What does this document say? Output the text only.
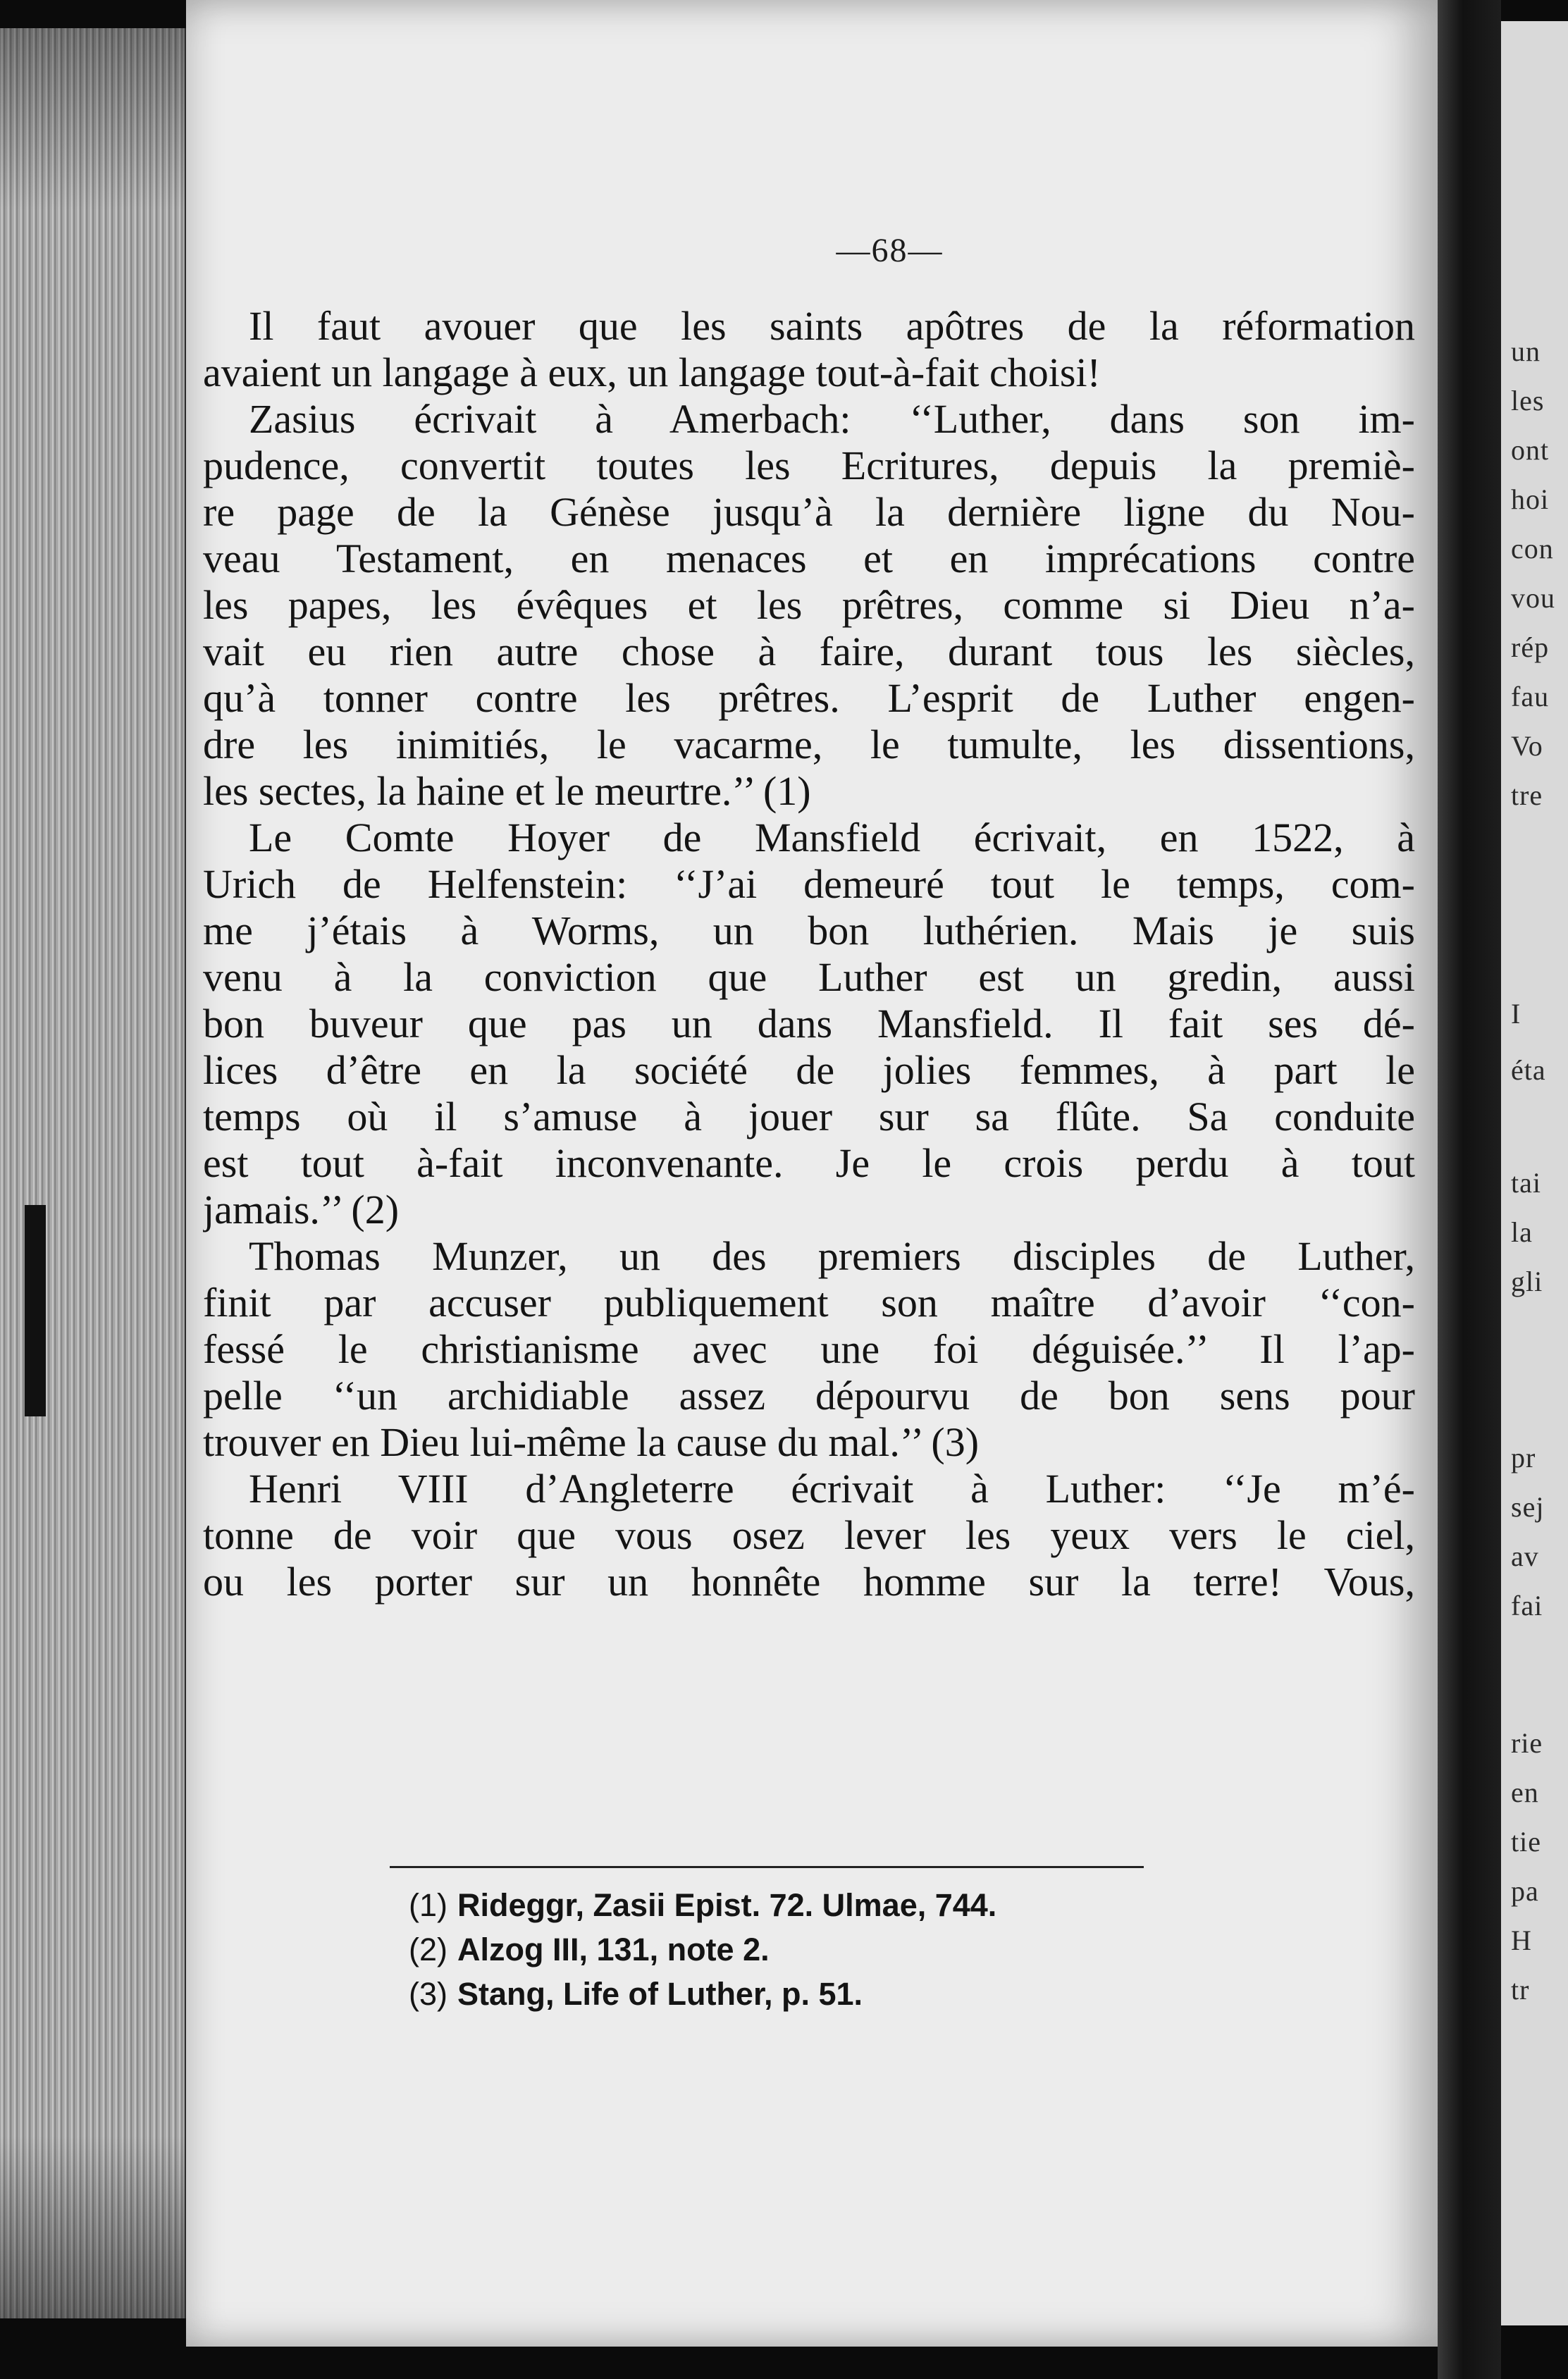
—68—
Il faut avouer que les saints apôtres de la réformation
avaient un langage à eux, un langage tout-à-fait choisi!
Zasius écrivait à Amerbach: ‘‘Luther, dans son im-
pudence, convertit toutes les Ecritures, depuis la premiè-
re page de la Génèse jusqu’à la dernière ligne du Nou-
veau Testament, en menaces et en imprécations contre
les papes, les évêques et les prêtres, comme si Dieu n’a-
vait eu rien autre chose à faire, durant tous les siècles,
qu’à tonner contre les prêtres. L’esprit de Luther engen-
dre les inimitiés, le vacarme, le tumulte, les dissentions,
les sectes, la haine et le meurtre.’’ (1)
Le Comte Hoyer de Mansfield écrivait, en 1522, à
Urich de Helfenstein: ‘‘J’ai demeuré tout le temps, com-
me j’étais à Worms, un bon luthérien. Mais je suis
venu à la conviction que Luther est un gredin, aussi
bon buveur que pas un dans Mansfield. Il fait ses dé-
lices d’être en la société de jolies femmes, à part le
temps où il s’amuse à jouer sur sa flûte. Sa conduite
est tout à-fait inconvenante. Je le crois perdu à tout
jamais.’’ (2)
Thomas Munzer, un des premiers disciples de Luther,
finit par accuser publiquement son maître d’avoir ‘‘con-
fessé le christianisme avec une foi déguisée.’’ Il l’ap-
pelle ‘‘un archidiable assez dépourvu de bon sens pour
trouver en Dieu lui-même la cause du mal.’’ (3)
Henri VIII d’Angleterre écrivait à Luther: ‘‘Je m’é-
tonne de voir que vous osez lever les yeux vers le ciel,
ou les porter sur un honnête homme sur la terre! Vous,
(1) Rideggr, Zasii Epist. 72. Ulmae, 744.
(2) Alzog III, 131, note 2.
(3) Stang, Life of Luther, p. 51.
un
les
ont
hoi
con
vou
rép
fau
Vo
tre
I
éta
tai
la
gli
pr
sej
av
fai
rie
en
tie
pa
H
tr
